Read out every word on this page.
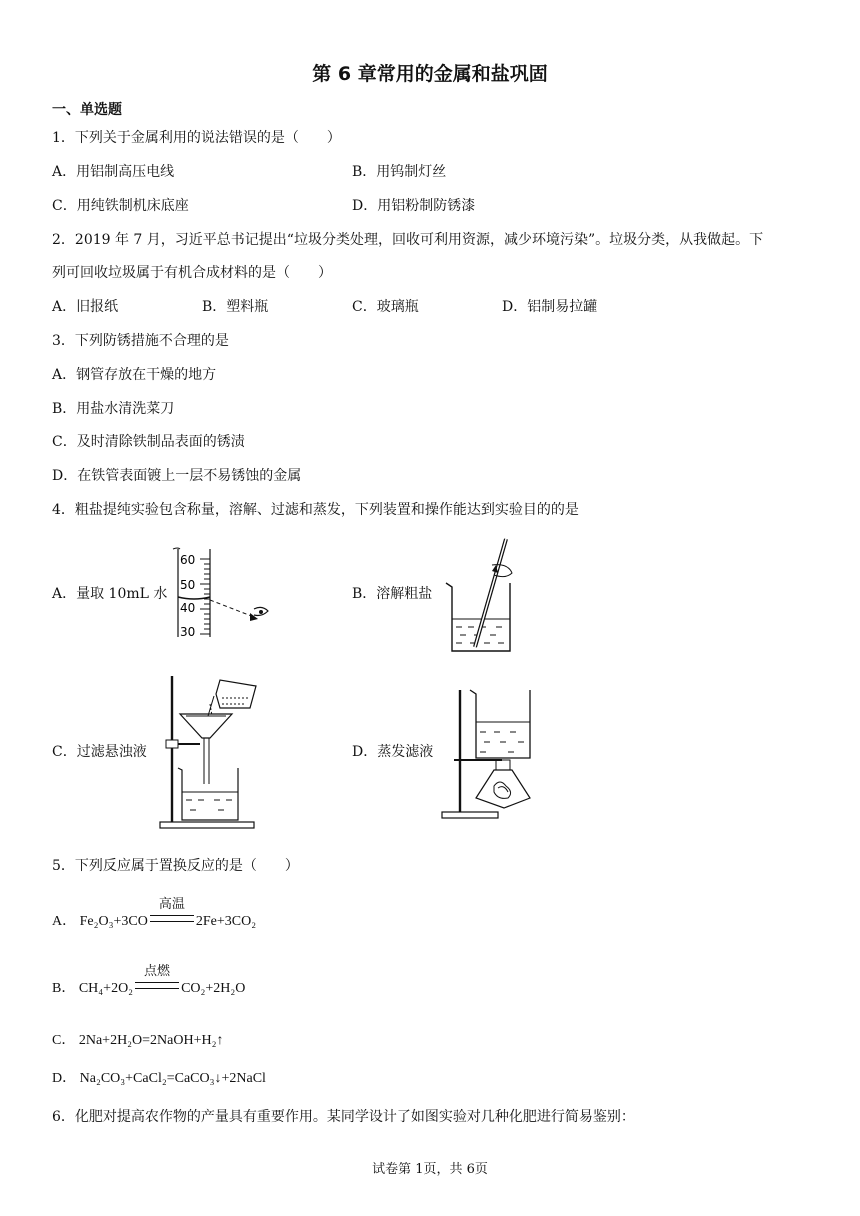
第 6 章常用的金属和盐巩固
一、单选题
1．下列关于金属利用的说法错误的是（　　）
A．用铝制高压电线	B．用钨制灯丝
C．用纯铁制机床底座	D．用铝粉制防锈漆
2．2019 年 7 月，习近平总书记提出“垃圾分类处理，回收可利用资源，减少环境污染”。垃圾分类，从我做起。下
列可回收垃圾属于有机合成材料的是（　　）
A．旧报纸	B．塑料瓶	C．玻璃瓶	D．铝制易拉罐
3．下列防锈措施不合理的是
A．钢管存放在干燥的地方
B．用盐水清洗菜刀
C．及时清除铁制品表面的锈渍
D．在铁管表面镀上一层不易锈蚀的金属
4．粗盐提纯实验包含称量，溶解、过滤和蒸发，下列装置和操作能达到实验目的的是
A．量取 10mL 水
60
50
40
30
B．溶解粗盐
C．过滤悬浊液	D．蒸发滤液
5．下列反应属于置换反应的是（　　）
A． Fe₂O₃+3CO
高温
2Fe+3CO₂
B． CH₄+2O₂
点燃
CO₂+2H₂O
C． 2Na+2H₂O=2NaOH+H₂↑
D． Na₂CO₃+CaCl₂=CaCO₃↓+2NaCl
6．化肥对提高农作物的产量具有重要作用。某同学设计了如图实验对几种化肥进行简易鉴别：
试卷第 1页，共 6页
